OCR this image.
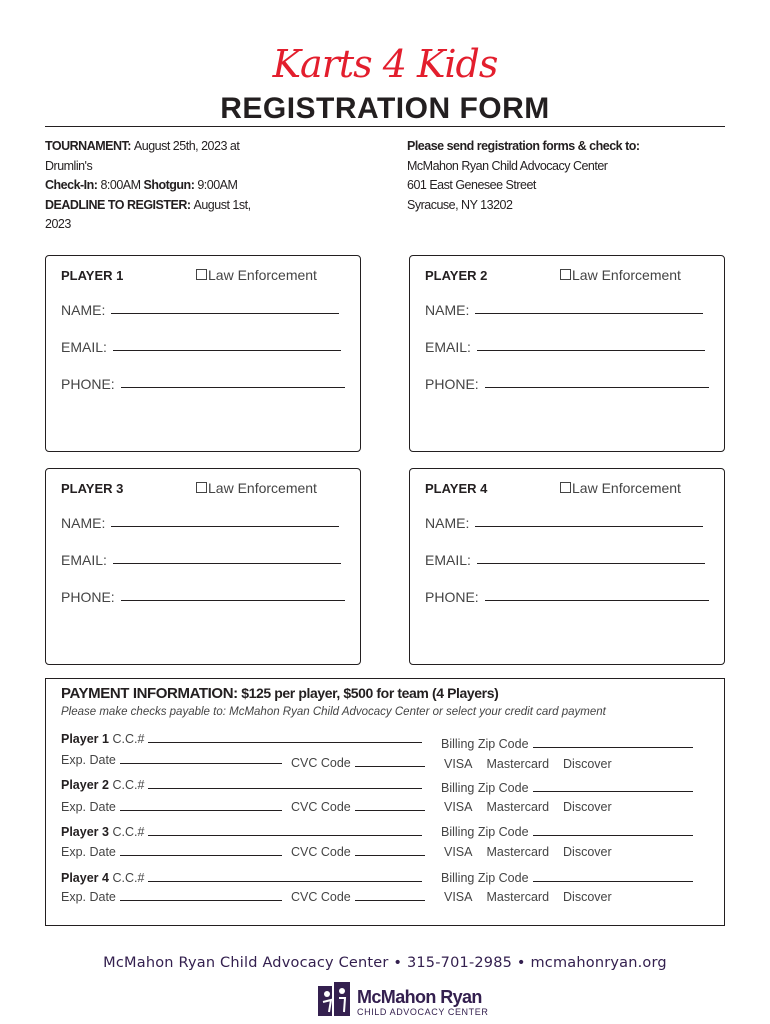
Karts 4 Kids
REGISTRATION FORM
TOURNAMENT: August 25th, 2023 at
Drumlin's
Check-In: 8:00AM Shotgun: 9:00AM
DEADLINE TO REGISTER: August 1st,
2023
Please send registration forms & check to:
McMahon Ryan Child Advocacy Center
601 East Genesee Street
Syracuse, NY 13202
PLAYER 1	Law Enforcement
NAME:
EMAIL:
PHONE:
PLAYER 2	Law Enforcement
NAME:
EMAIL:
PHONE:
PLAYER 3	Law Enforcement
NAME:
EMAIL:
PHONE:
PLAYER 4	Law Enforcement
NAME:
EMAIL:
PHONE:
PAYMENT INFORMATION: $125 per player, $500 for team (4 Players)
Please make checks payable to: McMahon Ryan Child Advocacy Center or select your credit card payment
Player 1
C.C.#	Billing Zip Code
Exp. Date	CVC Code	VISA Mastercard Discover
Player 2
C.C.#	Billing Zip Code
Exp. Date	CVC Code	VISA Mastercard Discover
Player 3
C.C.#	Billing Zip Code
Exp. Date	CVC Code	VISA Mastercard Discover
Player 4
C.C.#	Billing Zip Code
Exp. Date	CVC Code	VISA Mastercard Discover
McMahon Ryan Child Advocacy Center • 315-701-2985 • mcmahonryan.org
McMahon Ryan
CHILD ADVOCACY CENTER
